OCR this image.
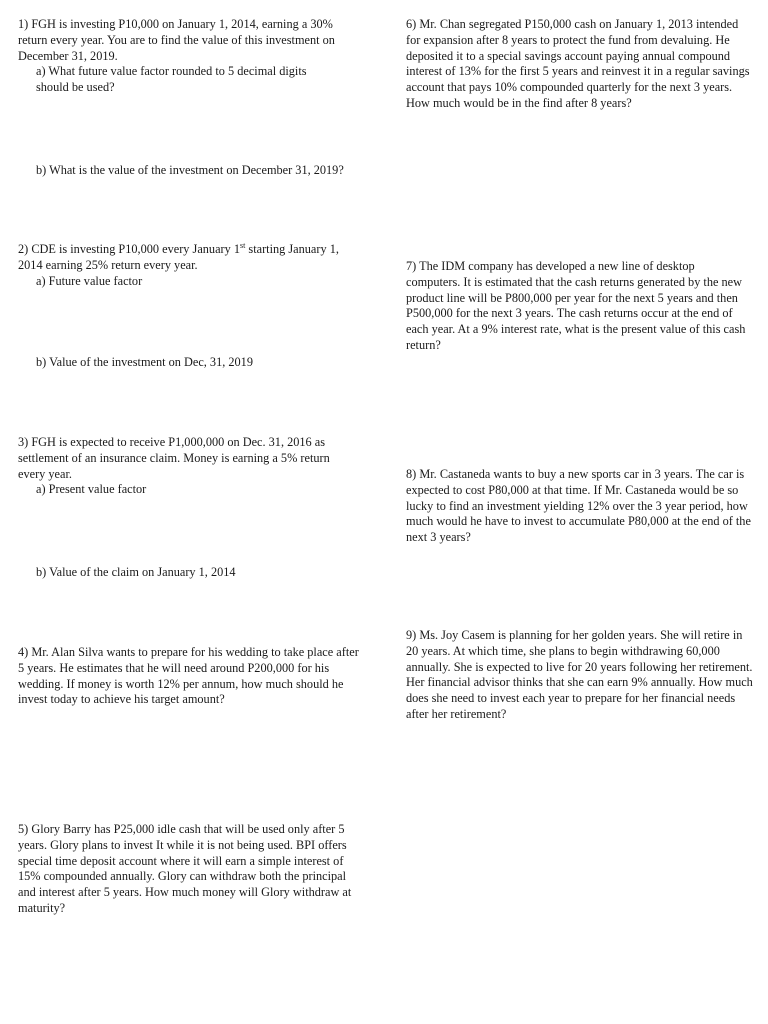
1) FGH is investing P10,000 on January 1, 2014, earning a 30% return every year. You are to find the value of this investment on December 31, 2019.

a) What future value factor rounded to 5 decimal digits should be used?

b) What is the value of the investment on December 31, 2019?

2) CDE is investing P10,000 every January 1st starting January 1, 2014 earning 25% return every year.

a) Future value factor

b) Value of the investment on Dec, 31, 2019

3) FGH is expected to receive P1,000,000 on Dec. 31, 2016 as settlement of an insurance claim. Money is earning a 5% return every year.

a) Present value factor

b) Value of the claim on January 1, 2014

4) Mr. Alan Silva wants to prepare for his wedding to take place after 5 years. He estimates that he will need around P200,000 for his wedding. If money is worth 12% per annum, how much should he invest today to achieve his target amount?

5) Glory Barry has P25,000 idle cash that will be used only after 5 years. Glory plans to invest It while it is not being used. BPI offers special time deposit account where it will earn a simple interest of 15% compounded annually. Glory can withdraw both the principal and interest after 5 years. How much money will Glory withdraw at maturity?

6) Mr. Chan segregated P150,000 cash on January 1, 2013 intended for expansion after 8 years to protect the fund from devaluing. He deposited it to a special savings account paying annual compound interest of 13% for the first 5 years and reinvest it in a regular savings account that pays 10% compounded quarterly for the next 3 years. How much would be in the find after 8 years?

7) The IDM company has developed a new line of desktop computers. It is estimated that the cash returns generated by the new product line will be P800,000 per year for the next 5 years and then P500,000 for the next 3 years. The cash returns occur at the end of each year. At a 9% interest rate, what is the present value of this cash return?

8) Mr. Castaneda wants to buy a new sports car in 3 years. The car is expected to cost P80,000 at that time. If Mr. Castaneda would be so lucky to find an investment yielding 12% over the 3 year period, how much would he have to invest to accumulate P80,000 at the end of the next 3 years?

9) Ms. Joy Casem is planning for her golden years. She will retire in 20 years. At which time, she plans to begin withdrawing 60,000 annually. She is expected to live for 20 years following her retirement. Her financial advisor thinks that she can earn 9% annually. How much does she need to invest each year to prepare for her financial needs after her retirement?
